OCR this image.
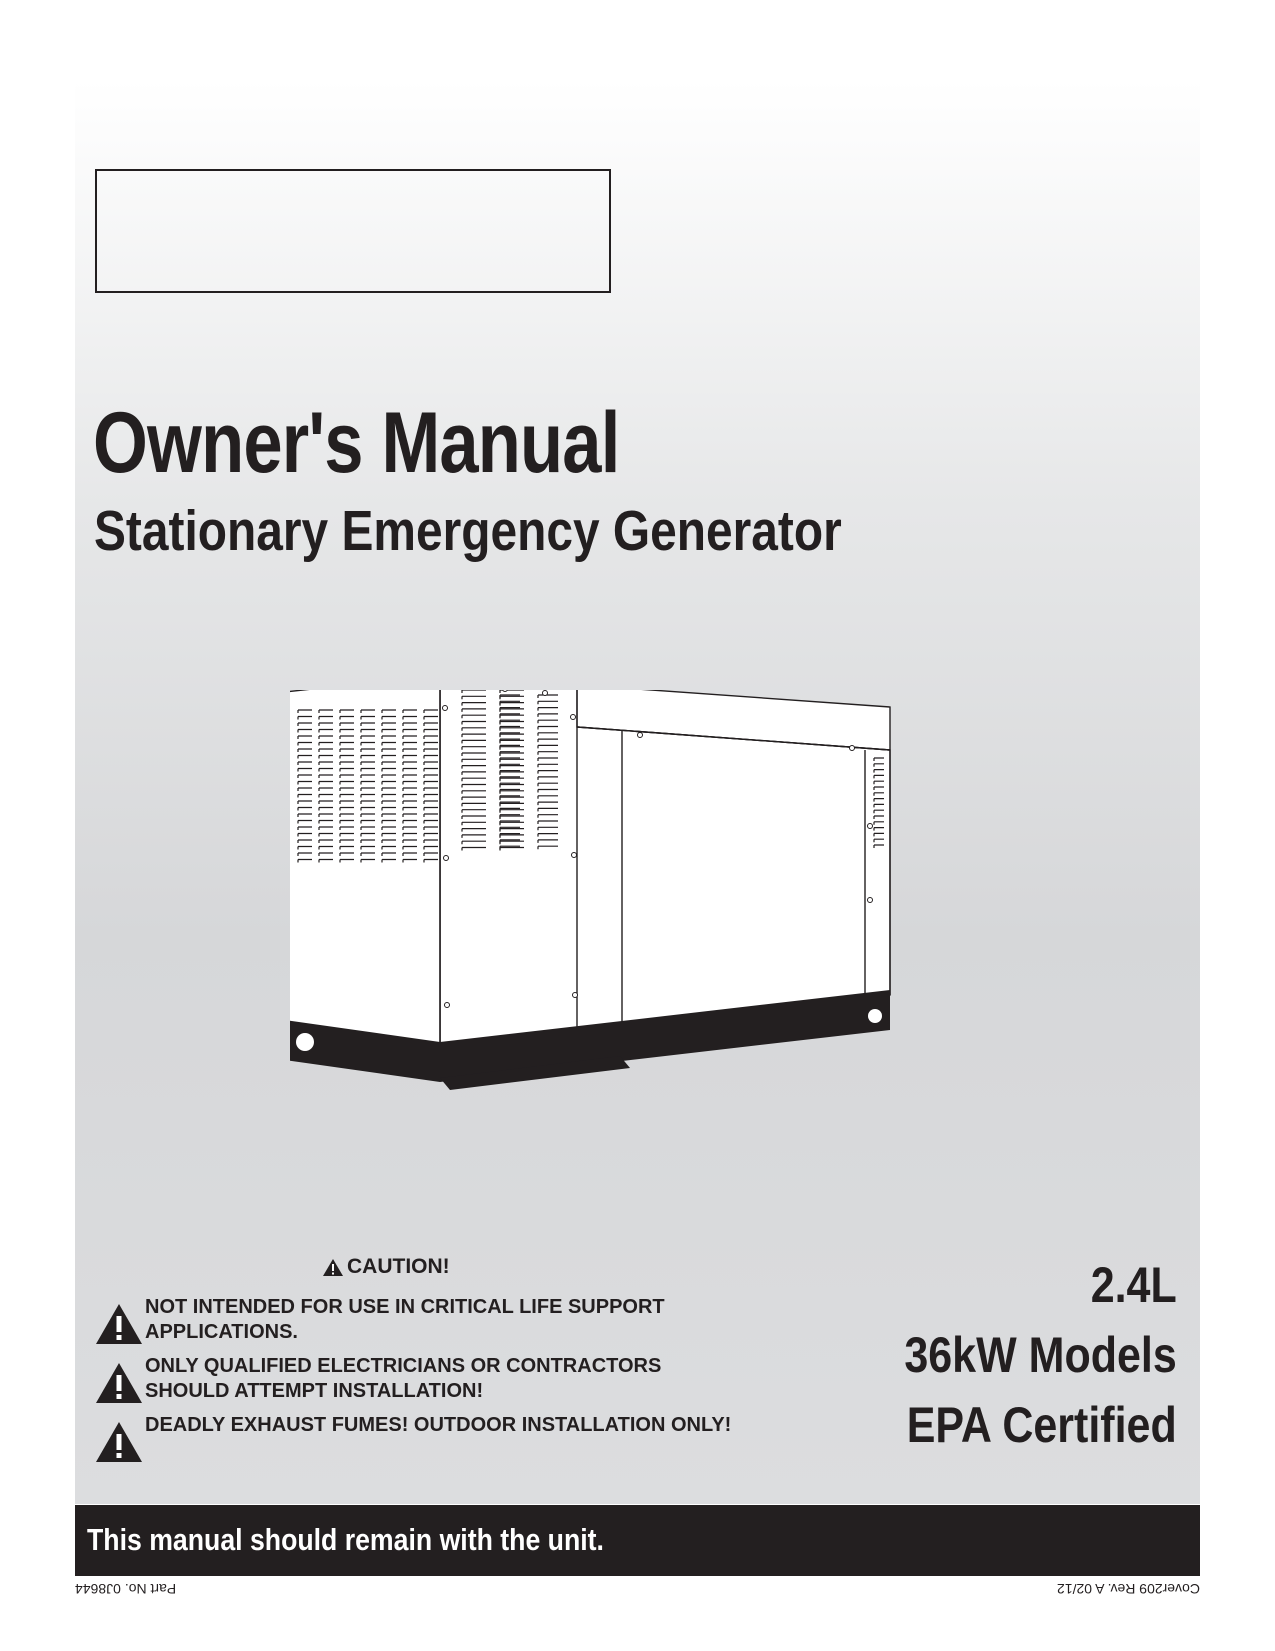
Owner's Manual
Stationary Emergency Generator
CAUTION!
NOT INTENDED FOR USE IN CRITICAL LIFE SUPPORT APPLICATIONS.
ONLY QUALIFIED ELECTRICIANS OR CONTRACTORS SHOULD ATTEMPT INSTALLATION!
DEADLY EXHAUST FUMES! OUTDOOR INSTALLATION ONLY!
2.4L
36kW Models
EPA Certified
This manual should remain with the unit.
Part No. 0J8644	Cover209 Rev. A 02/12
